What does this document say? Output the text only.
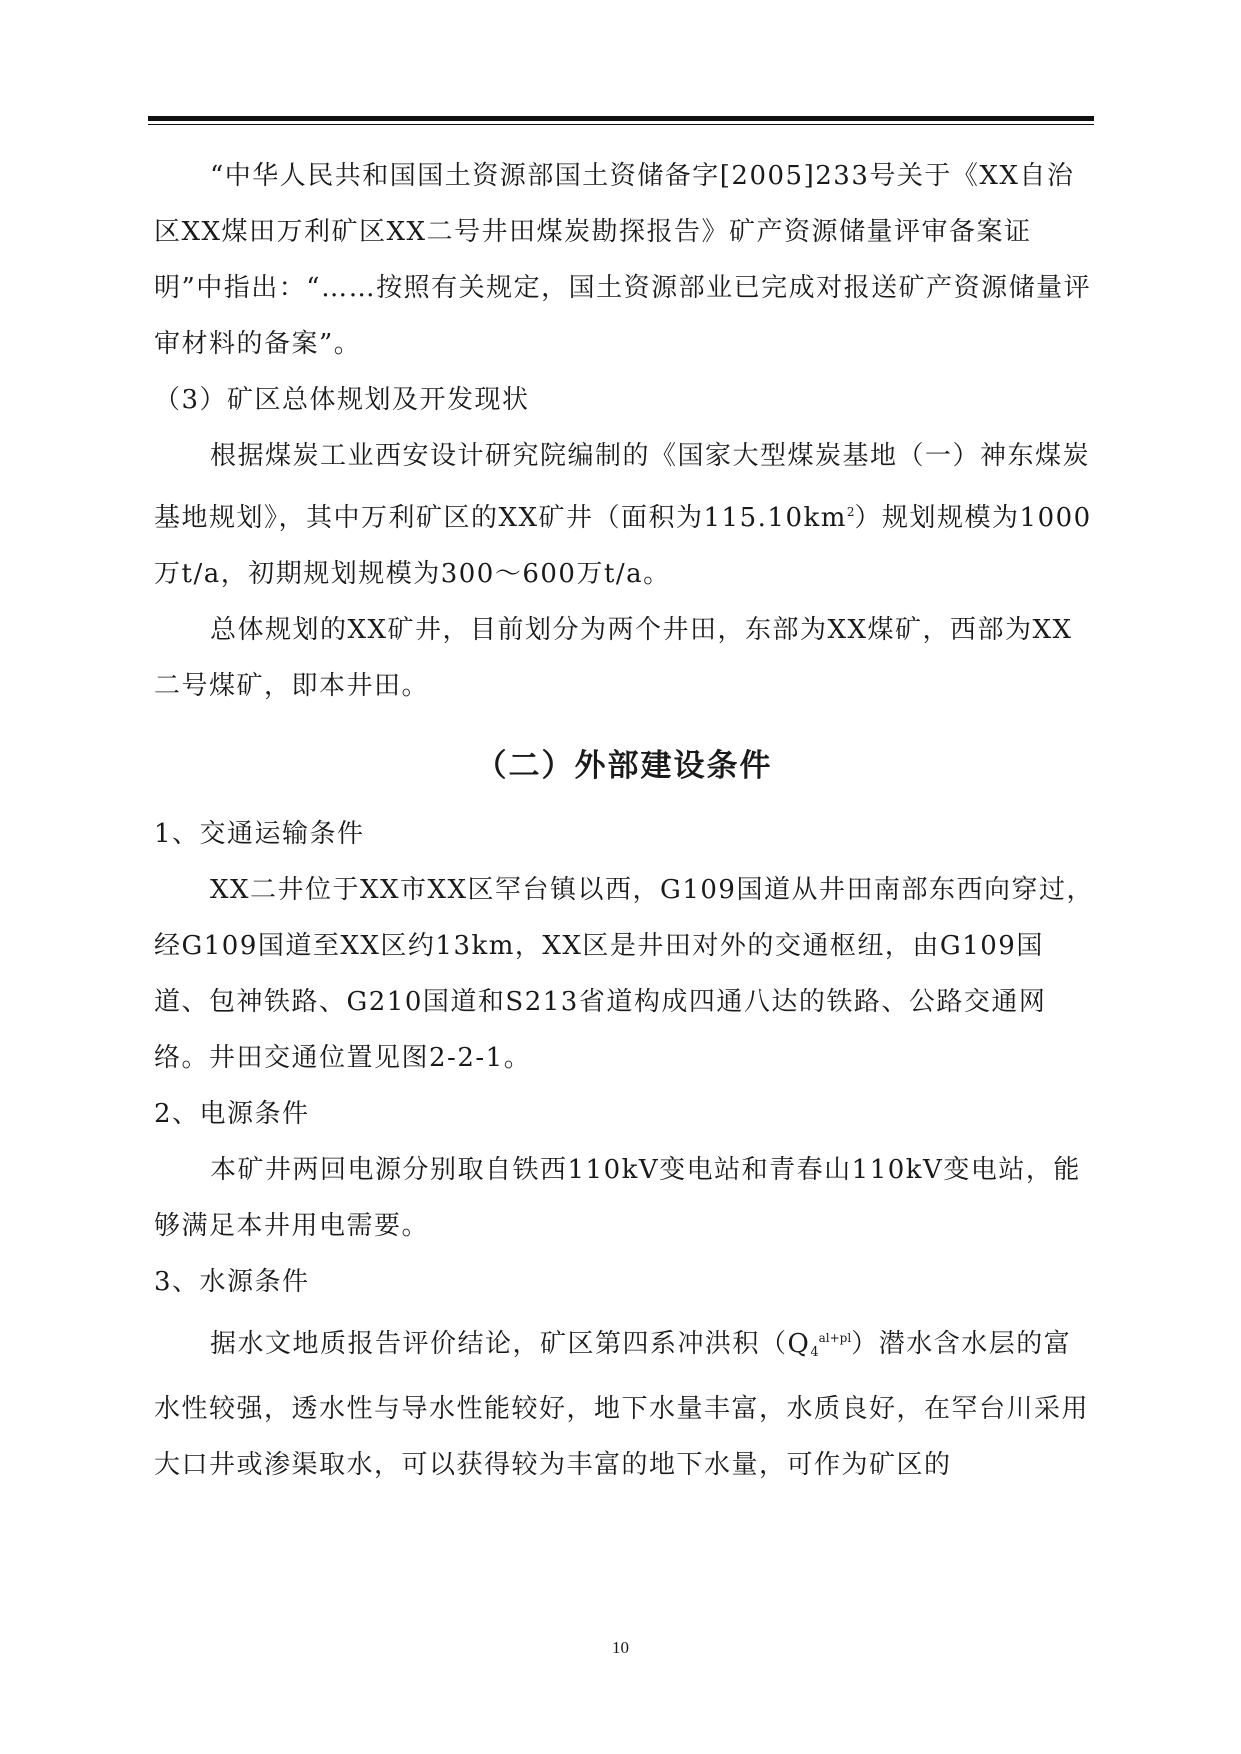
“中华人民共和国国土资源部国土资储备字[2005]233号关于《XX自治区XX煤田万利矿区XX二号井田煤炭勘探报告》矿产资源储量评审备案证明”中指出：“……按照有关规定，国土资源部业已完成对报送矿产资源储量评审材料的备案”。

（3）矿区总体规划及开发现状

根据煤炭工业西安设计研究院编制的《国家大型煤炭基地（一）神东煤炭基地规划》，其中万利矿区的XX矿井（面积为$115.10km^2$）规划规模为1000万t/a，初期规划规模为300～600万t/a。

总体规划的XX矿井，目前划分为两个井田，东部为XX煤矿，西部为XX二号煤矿，即本井田。

（二）外部建设条件

1、交通运输条件

XX二井位于XX市XX区罕台镇以西，G109国道从井田南部东西向穿过，经G109国道至XX区约13km，XX区是井田对外的交通枢纽，由G109国道、包神铁路、G210国道和S213省道构成四通八达的铁路、公路交通网络。井田交通位置见图2-2-1。

2、电源条件

本矿井两回电源分别取自铁西110kV变电站和青春山110kV变电站，能够满足本井用电需要。

3、水源条件

据水文地质报告评价结论，矿区第四系冲洪积$(Q_4^{al+pl})$潜水含水层的富水性较强，透水性与导水性能较好，地下水量丰富，水质良好，在罕台川采用大口井或渗渠取水，可以获得较为丰富的地下水量，可作为矿区的

10
